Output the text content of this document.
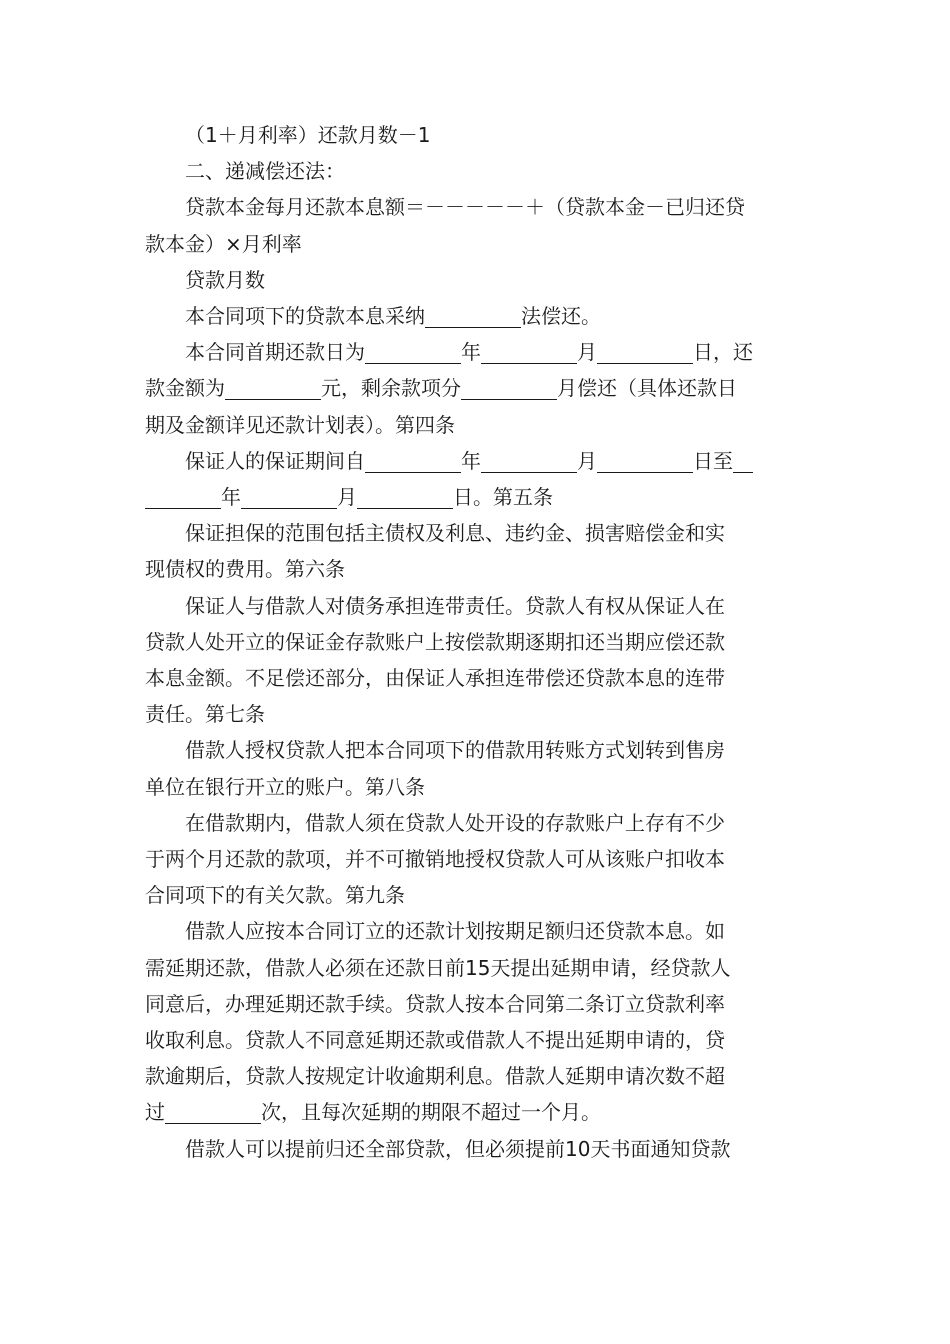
（1＋月利率）还款月数－1

二、递减偿还法：

贷款本金每月还款本息额＝－－－－－＋（贷款本金－已归还贷
款本金）×月利率

贷款月数

本合同项下的贷款本息采纳	法偿还。

本合同首期还款日为	年	月	日，还
款金额为	元，剩余款项分	月偿还（具体还款日
期及金额详见还款计划表）。第四条

保证人的保证期间自	年	月	日至
年	月	日。第五条

保证担保的范围包括主债权及利息、违约金、损害赔偿金和实
现债权的费用。第六条

保证人与借款人对债务承担连带责任。贷款人有权从保证人在
贷款人处开立的保证金存款账户上按偿款期逐期扣还当期应偿还款
本息金额。不足偿还部分，由保证人承担连带偿还贷款本息的连带
责任。第七条

借款人授权贷款人把本合同项下的借款用转账方式划转到售房
单位在银行开立的账户。第八条

在借款期内，借款人须在贷款人处开设的存款账户上存有不少
于两个月还款的款项，并不可撤销地授权贷款人可从该账户扣收本
合同项下的有关欠款。第九条

借款人应按本合同订立的还款计划按期足额归还贷款本息。如
需延期还款，借款人必须在还款日前15天提出延期申请，经贷款人
同意后，办理延期还款手续。贷款人按本合同第二条订立贷款利率
收取利息。贷款人不同意延期还款或借款人不提出延期申请的，贷
款逾期后，贷款人按规定计收逾期利息。借款人延期申请次数不超
过	次，且每次延期的期限不超过一个月。

借款人可以提前归还全部贷款，但必须提前10天书面通知贷款
